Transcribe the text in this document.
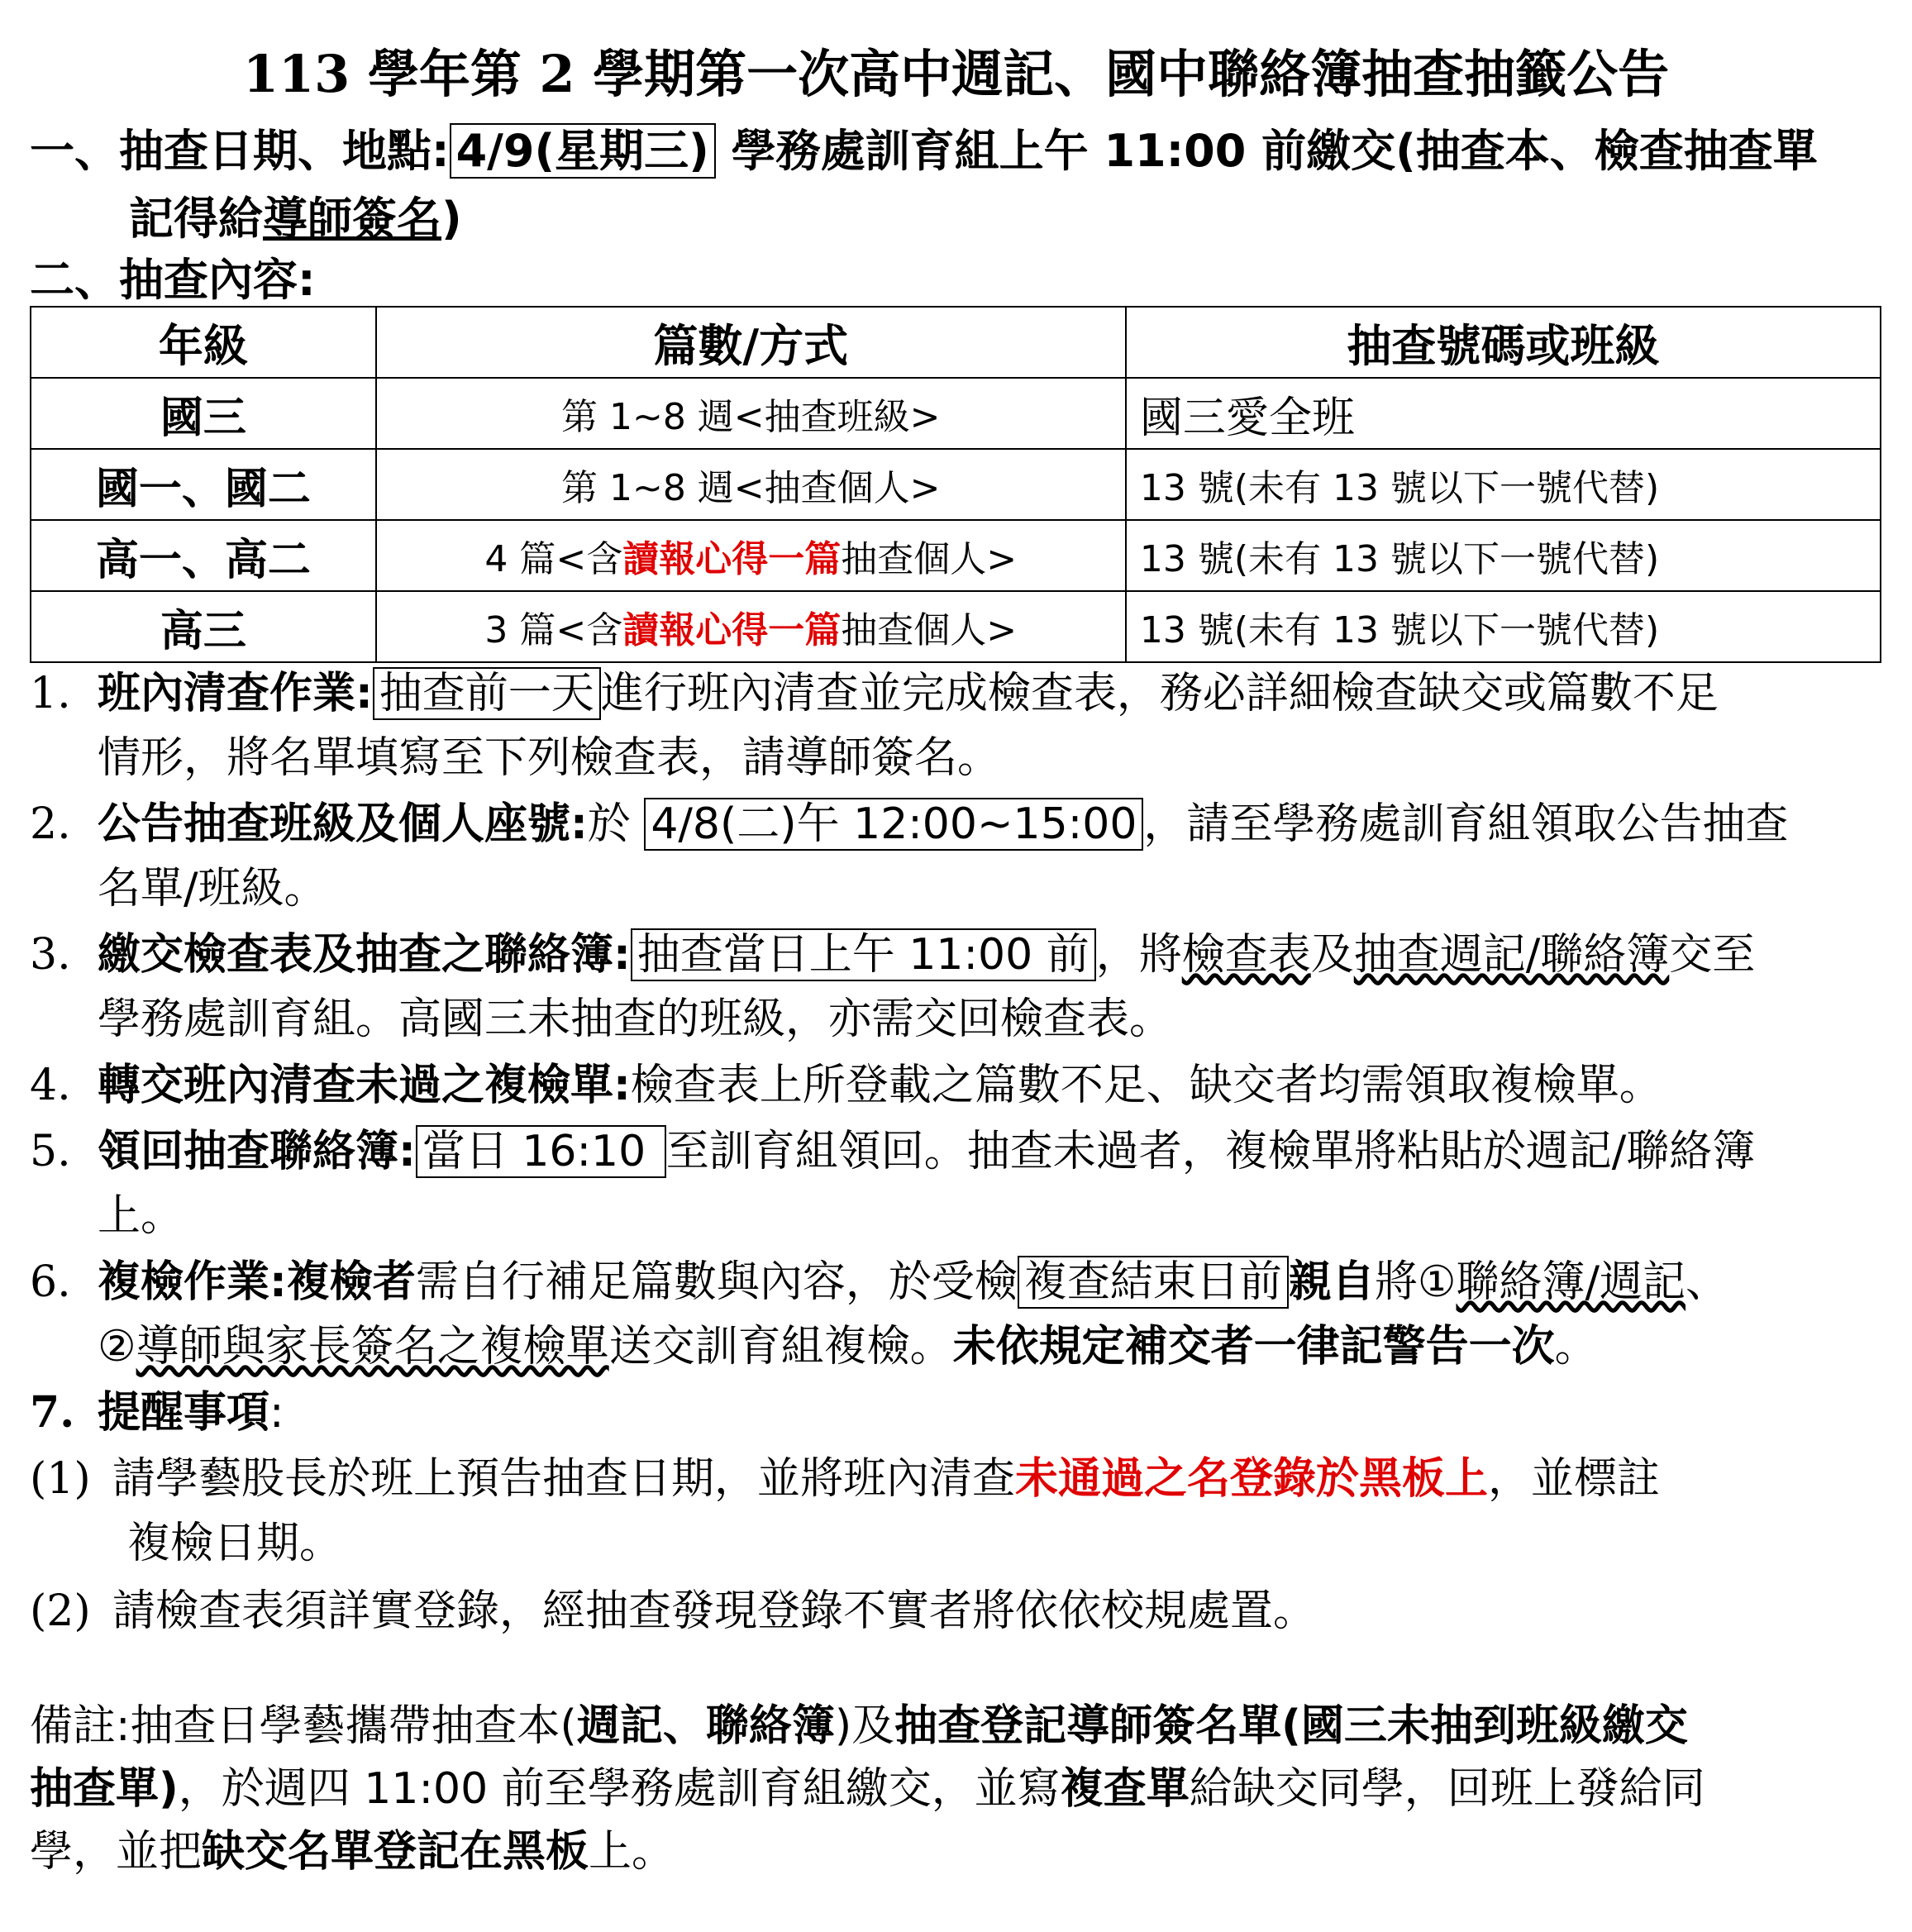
113 學年第 2 學期第一次高中週記、國中聯絡簿抽查抽籤公告
一、抽查日期、地點: 4/9(星期三) 學務處訓育組上午 11:00 前繳交(抽查本、檢查抽查單
記得給導師簽名)
二、抽查內容:
年級	篇數/方式	抽查號碼或班級
國三	第 1~8 週<抽查班級>	國三愛全班
國一、國二	第 1~8 週<抽查個人>	13 號(未有 13 號以下一號代替)
高一、高二	4 篇<含讀報心得一篇抽查個人>	13 號(未有 13 號以下一號代替)
高三	3 篇<含讀報心得一篇抽查個人>	13 號(未有 13 號以下一號代替)
1. 班內清查作業: 抽查前一天 進行班內清查並完成檢查表，務必詳細檢查缺交或篇數不足
情形，將名單填寫至下列檢查表，請導師簽名。
2. 公告抽查班級及個人座號:於 4/8(二)午 12:00~15:00 ，請至學務處訓育組領取公告抽查
名單/班級。
3. 繳交檢查表及抽查之聯絡簿: 抽查當日上午 11:00 前 ，將檢查表及抽查週記/聯絡簿交至
學務處訓育組。高國三未抽查的班級，亦需交回檢查表。
4. 轉交班內清查未過之複檢單:檢查表上所登載之篇數不足、缺交者均需領取複檢單。
5. 領回抽查聯絡簿: 當日 16:10 至訓育組領回。抽查未過者，複檢單將粘貼於週記/聯絡簿
上。
6. 複檢作業:複檢者需自行補足篇數與內容，於受檢 複查結束日前 親自將①聯絡簿/週記、
②導師與家長簽名之複檢單送交訓育組複檢。未依規定補交者一律記警告一次。
7. 提醒事項:
(1) 請學藝股長於班上預告抽查日期，並將班內清查未通過之名登錄於黑板上，並標註
複檢日期。
(2) 請檢查表須詳實登錄，經抽查發現登錄不實者將依依校規處置。
備註:抽查日學藝攜帶抽查本(週記、聯絡簿)及抽查登記導師簽名單(國三未抽到班級繳交
抽查單)，於週四 11:00 前至學務處訓育組繳交，並寫複查單給缺交同學，回班上發給同
學，並把缺交名單登記在黑板上。
